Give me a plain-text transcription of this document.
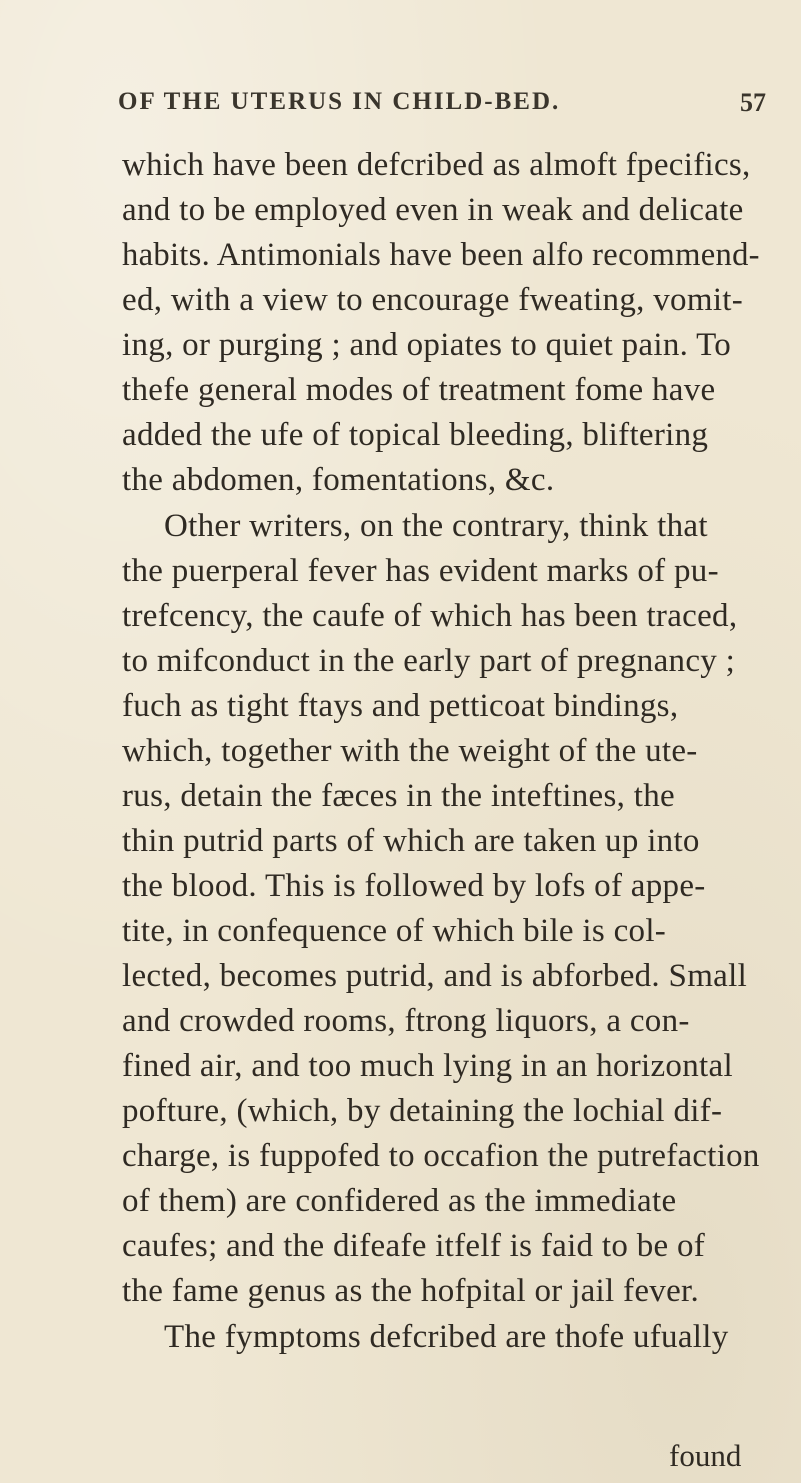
OF THE UTERUS IN CHILD-BED.	57
which have been defcribed as almoft fpecifics,
and to be employed even in weak and delicate
habits. Antimonials have been alfo recommend-
ed, with a view to encourage fweating, vomit-
ing, or purging ; and opiates to quiet pain. To
thefe general modes of treatment fome have
added the ufe of topical bleeding, bliftering
the abdomen, fomentations, &c.
Other writers, on the contrary, think that
the puerperal fever has evident marks of pu-
trefcency, the caufe of which has been traced,
to mifconduct in the early part of pregnancy ;
fuch as tight ftays and petticoat bindings,
which, together with the weight of the ute-
rus, detain the fæces in the inteftines, the
thin putrid parts of which are taken up into
the blood. This is followed by lofs of appe-
tite, in confequence of which bile is col-
lected, becomes putrid, and is abforbed. Small
and crowded rooms, ftrong liquors, a con-
fined air, and too much lying in an horizontal
pofture, (which, by detaining the lochial dif-
charge, is fuppofed to occafion the putrefaction
of them) are confidered as the immediate
caufes; and the difeafe itfelf is faid to be of
the fame genus as the hofpital or jail fever.
The fymptoms defcribed are thofe ufually
found
